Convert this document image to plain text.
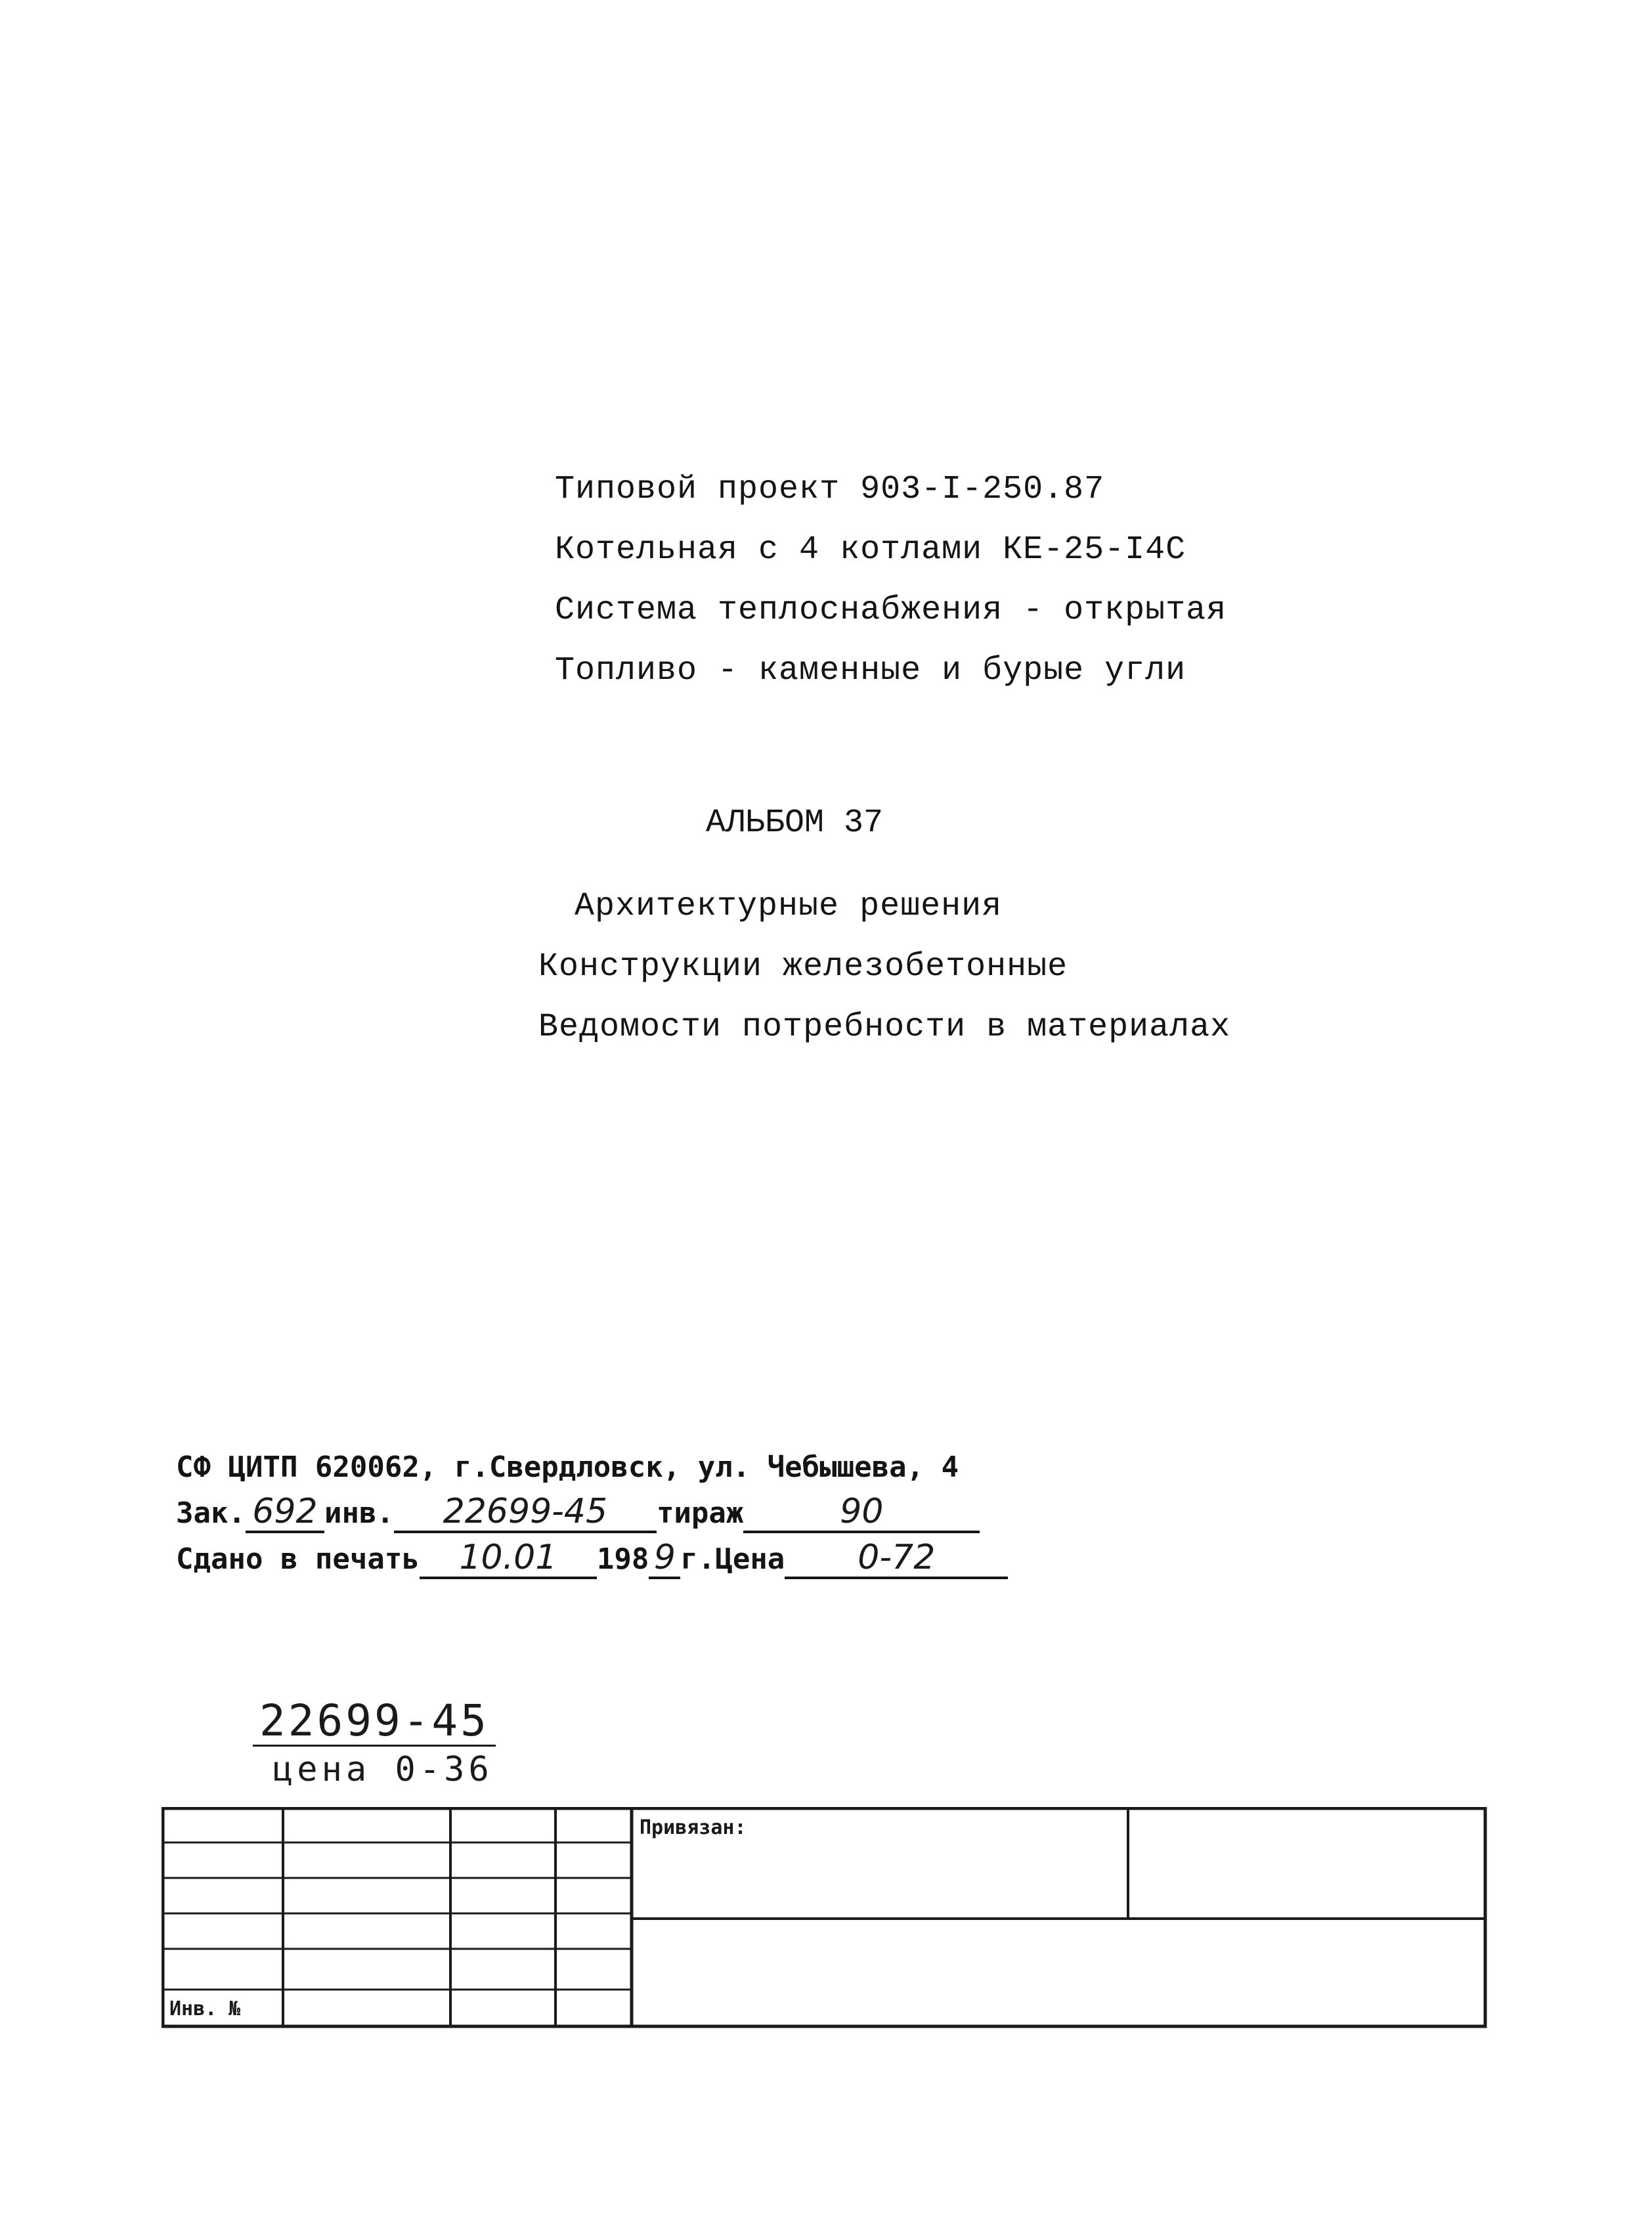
Типовой проект 903-I-250.87
Котельная с 4 котлами КЕ-25-I4С
Система теплоснабжения - открытая
Топливо - каменные и бурые угли
АЛЬБОМ 37
Архитектурные решения
Конструкции железобетонные
Ведомости потребности в материалах
СФ ЦИТП 620062, г.Свердловск, ул. Чебышева, 4
Зак. 692 инв. 22699-45 тираж	90
Сдано в печать 10.01 198 9 г.Цена 0-72
22699-45
цена 0-36
Привязан:
Инв. №
